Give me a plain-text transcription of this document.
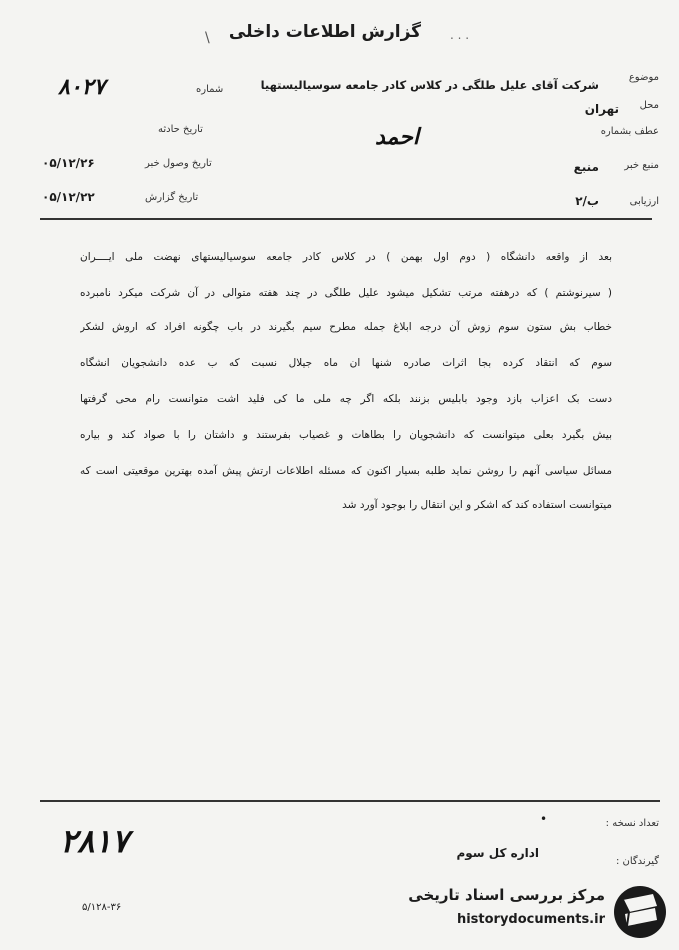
. . .
گزارش اطلاعات داخلی
\
موضوع
شرکت آقای علیل طلگی در کلاس کادر جامعه سوسیالیستهیا
محل
تهران
عطف بشماره
احمد
منبع خبر
منبع
ارزیابی
ب/۲
شماره
۸۰۲۷
تاریخ حادثه
تاریخ وصول خبر
۰۵/۱۲/۲۶
تاریخ گزارش
۰۵/۱۲/۲۲
بعد از واقعه دانشگاه ( دوم اول بهمن ) در کلاس کادر جامعه سوسیالیستهای نهضت ملی ایــــران
( سیرنوشتم ) که درهفته مرتب تشکیل میشود علیل طلگی در چند هفته متوالی در آن شرکت میکرد نامبرده
خطاب بش ستون سوم زوش آن درجه ابلاغ جمله مطرح سیم بگیرند در باب چگونه افراد که اروش لشکر
سوم که انتقاد کرده بجا اثرات صادره شنها ان ماه جیلال نسبت که ب عده دانشجویان انشگاه
دست بک اعزاب بازد وجود بابلیس بزنند بلکه اگر چه ملی ما کی فلید اشت متوانست رام محی گرفتها
بیش بگیرد بعلی میتوانست که دانشجویان را بطاهات و غصیاب بفرستند و داشتان را با صواد کند و بیاره
مسائل سیاسی آنهم را روشن نماید طلبه بسیار اکنون که مسئله اطلاعات ارتش پیش آمده بهترین موقعیتی است که
میتوانست استفاده کند که اشکر و این انتقال را بوجود آورد شد
تعداد نسخه :
•
گیرندگان :
اداره کل سوم
۲۸۱۷
۵/۱۲۸-۳۶
مرکز بررسی اسناد تاریخی
historydocuments.ir
